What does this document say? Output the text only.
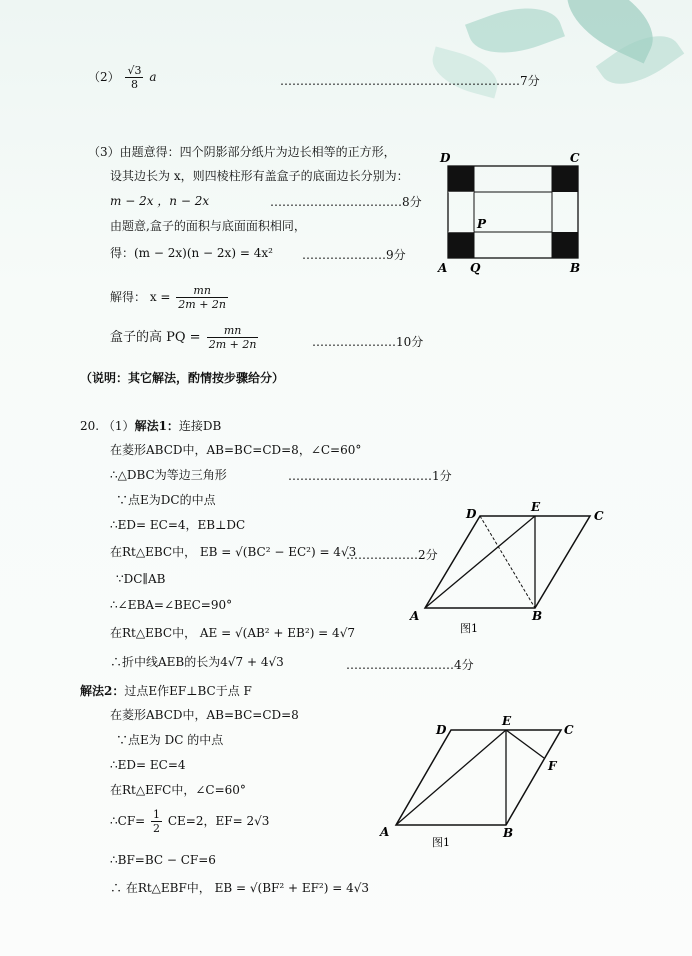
$(2) \frac{√3}{8}$ a	……………………………………………………7分
（3）由题意得：四个阴影部分纸片为边长相等的正方形，
设其边长为 x，则四棱柱形有盖盒子的底面边长分别为：
m − 2x ，n − 2x	……………………………8分
由题意,盒子的面积与底面面积相同，
得：(m − 2x)(n − 2x) = 4x² …………………9分
解得： $x = \frac{mn}{2m + 2n}$
盒子的高 PQ = $\frac{mn}{2m + 2n}$	…………………10分
（说明：其它解法，酌情按步骤给分）
D	C
A	B
P
Q
20. （1）解法1：连接DB
在菱形ABCD中，AB=BC=CD=8，∠C=60°
∴△DBC为等边三角形	………………………………1分
∵点E为DC的中点
∴ED= EC=4，EB⊥DC
在Rt△EBC中， EB = √(BC² − EC²) = 4√3
………………2分
∵DC∥AB
∴∠EBA=∠BEC=90°
在Rt△EBC中， AE = √(AB² + EB²) = 4√7
∴折中线AEB的长为4√7 + 4√3	………………………4分
D	E
C
A	B
图1
解法2：过点E作EF⊥BC于点 F
在菱形ABCD中，AB=BC=CD=8
∵点E为 DC 的中点
∴ED= EC=4
在Rt△EFC中，∠C=60°
∴CF= $\frac{1}{2} CE=2$，EF= 2√3
∴BF=BC − CF=6
∴ 在Rt△EBF中， EB = √(BF² + EF²) = 4√3
D
E
C
F
A	B
图1
